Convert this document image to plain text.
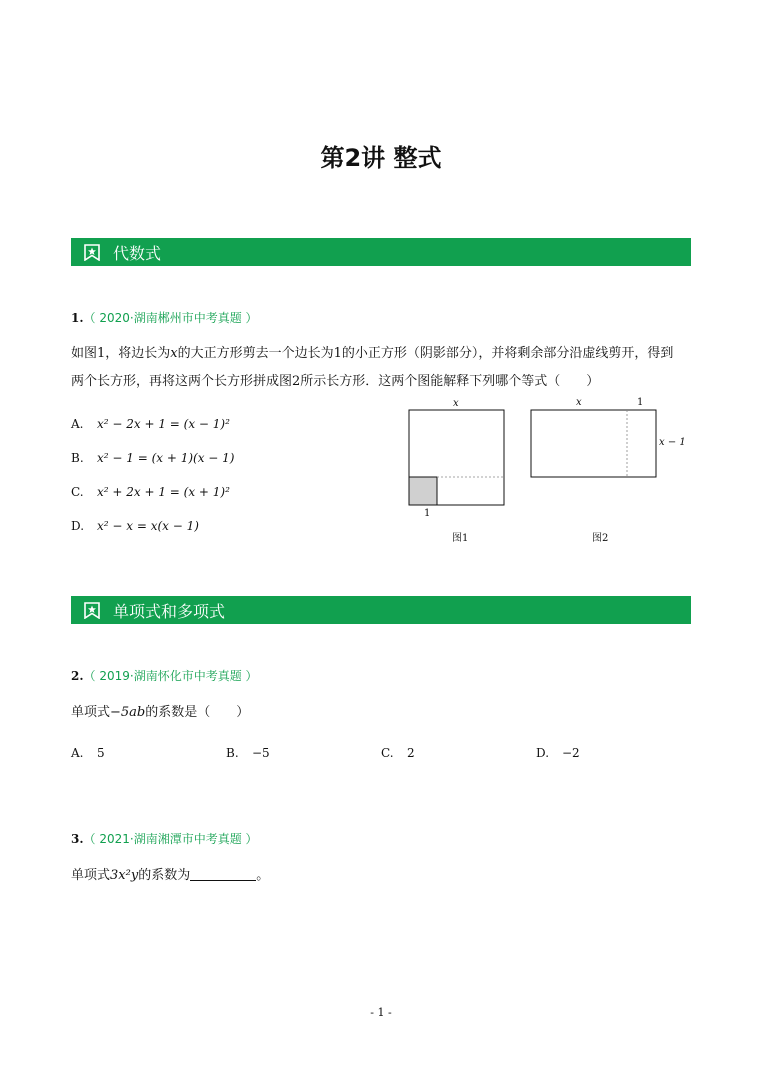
第2讲 整式
代数式
1.（ 2020·湖南郴州市中考真题 ）
如图1，将边长为x的大正方形剪去一个边长为1的小正方形（阴影部分），并将剩余部分沿虚线剪开，得到
两个长方形，再将这两个长方形拼成图2所示长方形．这两个图能解释下列哪个等式（　　）
A. x² − 2x + 1 = (x − 1)²
B. x² − 1 = (x + 1)(x − 1)
C. x² + 2x + 1 = (x + 1)²
D. x² − x = x(x − 1)
x
1
图1
x	1
x − 1
图2
单项式和多项式
2.（ 2019·湖南怀化市中考真题 ）
单项式−5ab的系数是（　　）
A. 5	B. −5	C. 2	D. −2
3.（ 2021·湖南湘潭市中考真题 ）
单项式3x²y的系数为	。
- 1 -
